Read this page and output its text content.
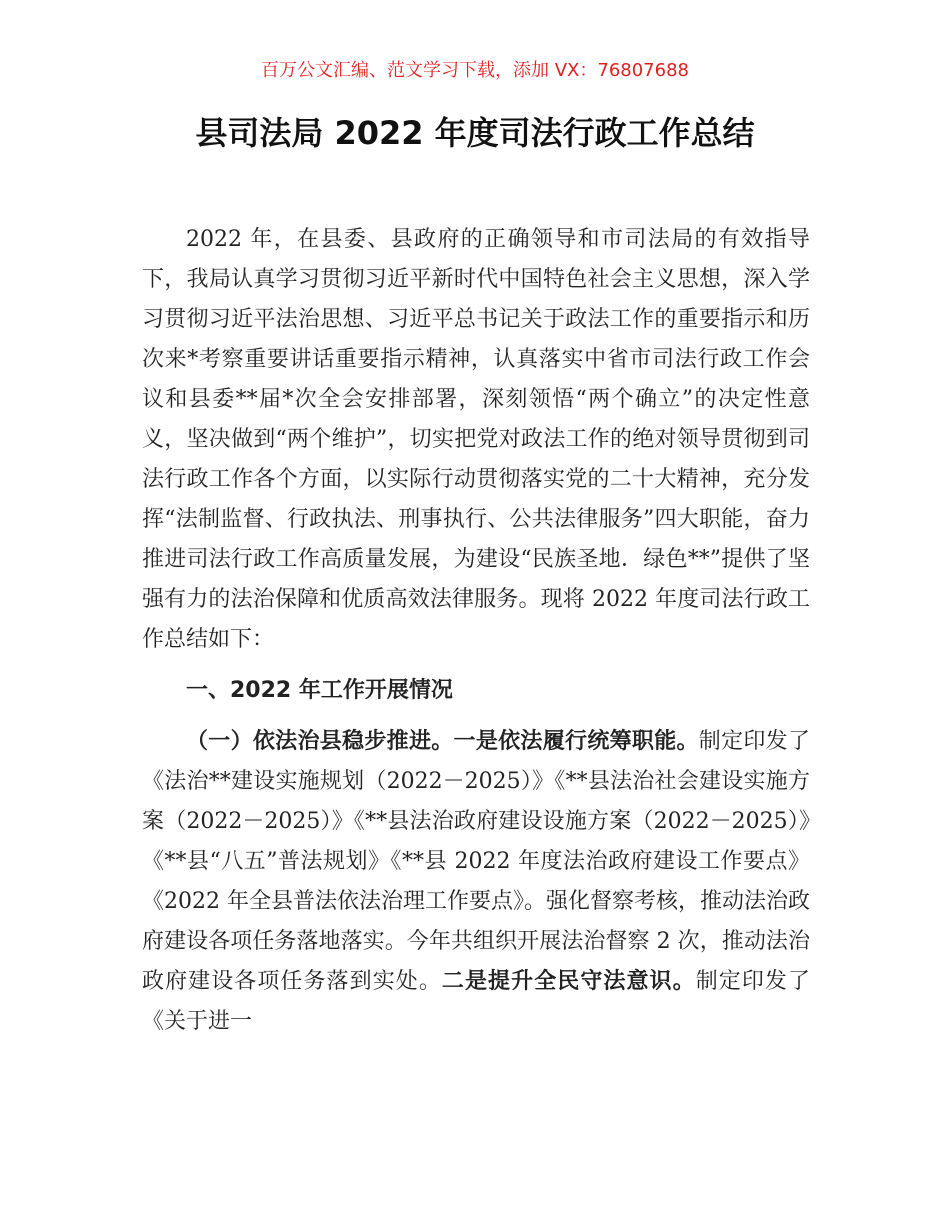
百万公文汇编、范文学习下载，添加 VX：76807688
县司法局 2022 年度司法行政工作总结

2022 年，在县委、县政府的正确领导和市司法局的有效指导下，我局认真学习贯彻习近平新时代中国特色社会主义思想，深入学习贯彻习近平法治思想、习近平总书记关于政法工作的重要指示和历次来*考察重要讲话重要指示精神，认真落实中省市司法行政工作会议和县委**届*次全会安排部署，深刻领悟“两个确立”的决定性意义，坚决做到“两个维护”，切实把党对政法工作的绝对领导贯彻到司法行政工作各个方面，以实际行动贯彻落实党的二十大精神，充分发挥“法制监督、行政执法、刑事执行、公共法律服务”四大职能，奋力推进司法行政工作高质量发展，为建设“民族圣地．绿色**”提供了坚强有力的法治保障和优质高效法律服务。现将 2022 年度司法行政工作总结如下：

一、2022 年工作开展情况

（一）依法治县稳步推进。一是依法履行统筹职能。制定印发了《法治**建设实施规划（2022－2025）》《**县法治社会建设实施方案（2022－2025）》《**县法治政府建设设施方案（2022－2025）》《**县“八五”普法规划》《**县 2022 年度法治政府建设工作要点》《2022 年全县普法依法治理工作要点》。强化督察考核，推动法治政府建设各项任务落地落实。今年共组织开展法治督察 2 次，推动法治政府建设各项任务落到实处。二是提升全民守法意识。制定印发了《关于进一
